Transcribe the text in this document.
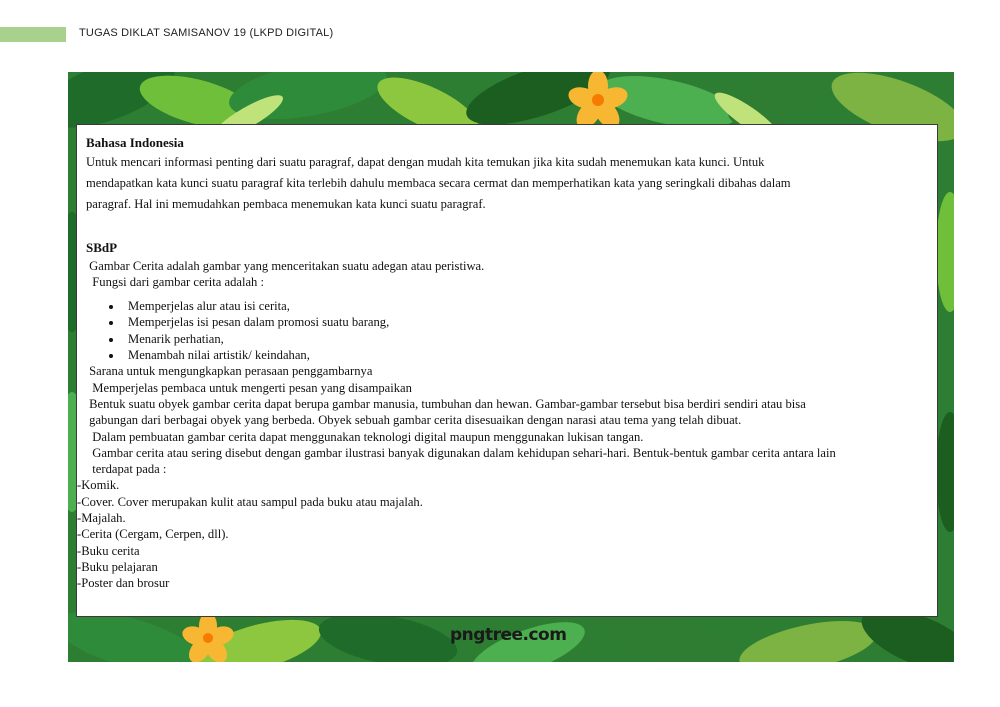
TUGAS DIKLAT SAMISANOV 19 (LKPD DIGITAL)
pngtree.com
Bahasa Indonesia

Untuk mencari informasi penting dari suatu paragraf, dapat dengan mudah kita temukan jika kita sudah menemukan kata kunci. Untuk

mendapatkan kata kunci suatu paragraf kita terlebih dahulu membaca secara cermat dan memperhatikan kata yang seringkali dibahas dalam

paragraf. Hal ini memudahkan pembaca menemukan kata kunci suatu paragraf.

SBdP

Gambar Cerita adalah gambar yang menceritakan suatu adegan atau peristiwa.

Fungsi dari gambar cerita adalah :

Memperjelas alur atau isi cerita,
Memperjelas isi pesan dalam promosi suatu barang,
Menarik perhatian,
Menambah nilai artistik/ keindahan,

Sarana untuk mengungkapkan perasaan penggambarnya

Memperjelas pembaca untuk mengerti pesan yang disampaikan

Bentuk suatu obyek gambar cerita dapat berupa gambar manusia, tumbuhan dan hewan. Gambar-gambar tersebut bisa berdiri sendiri atau bisa

gabungan dari berbagai obyek yang berbeda. Obyek sebuah gambar cerita disesuaikan dengan narasi atau tema yang telah dibuat.

Dalam pembuatan gambar cerita dapat menggunakan teknologi digital maupun menggunakan lukisan tangan.

Gambar cerita atau sering disebut dengan gambar ilustrasi banyak digunakan dalam kehidupan sehari-hari. Bentuk-bentuk gambar cerita antara lain

terdapat pada :

-Komik.

-Cover. Cover merupakan kulit atau sampul pada buku atau majalah.

-Majalah.

-Cerita (Cergam, Cerpen, dll).

-Buku cerita

-Buku pelajaran

-Poster dan brosur
